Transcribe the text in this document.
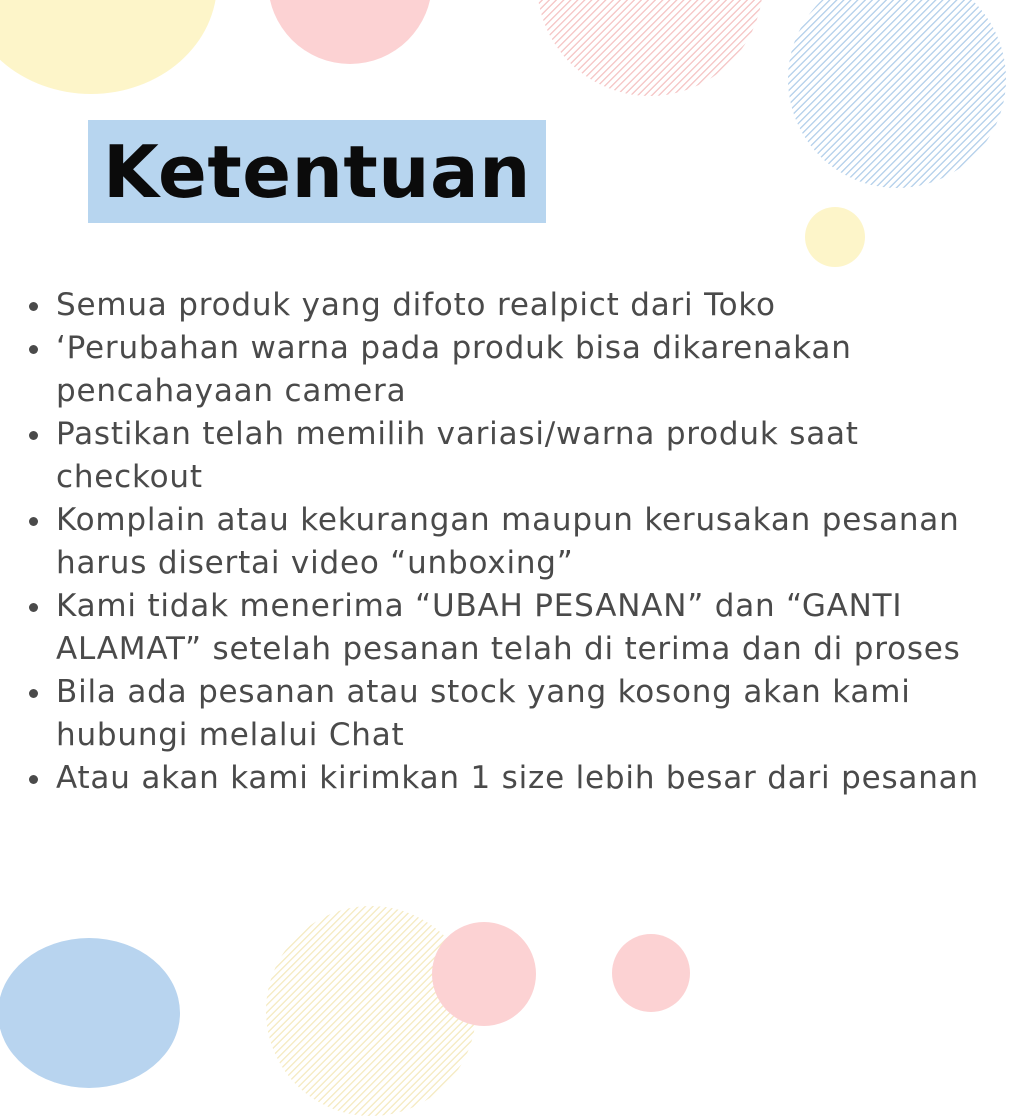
Ketentuan
Semua produk yang difoto realpict dari Toko
‘Perubahan warna pada produk bisa dikarenakan pencahayaan camera
Pastikan telah memilih variasi/warna produk saat checkout
Komplain atau kekurangan maupun kerusakan pesanan harus disertai video “unboxing”
Kami tidak menerima “UBAH PESANAN” dan “GANTI ALAMAT” setelah pesanan telah di terima dan di proses
Bila ada pesanan atau stock yang kosong akan kami hubungi melalui Chat
Atau akan kami kirimkan 1 size lebih besar dari pesanan
